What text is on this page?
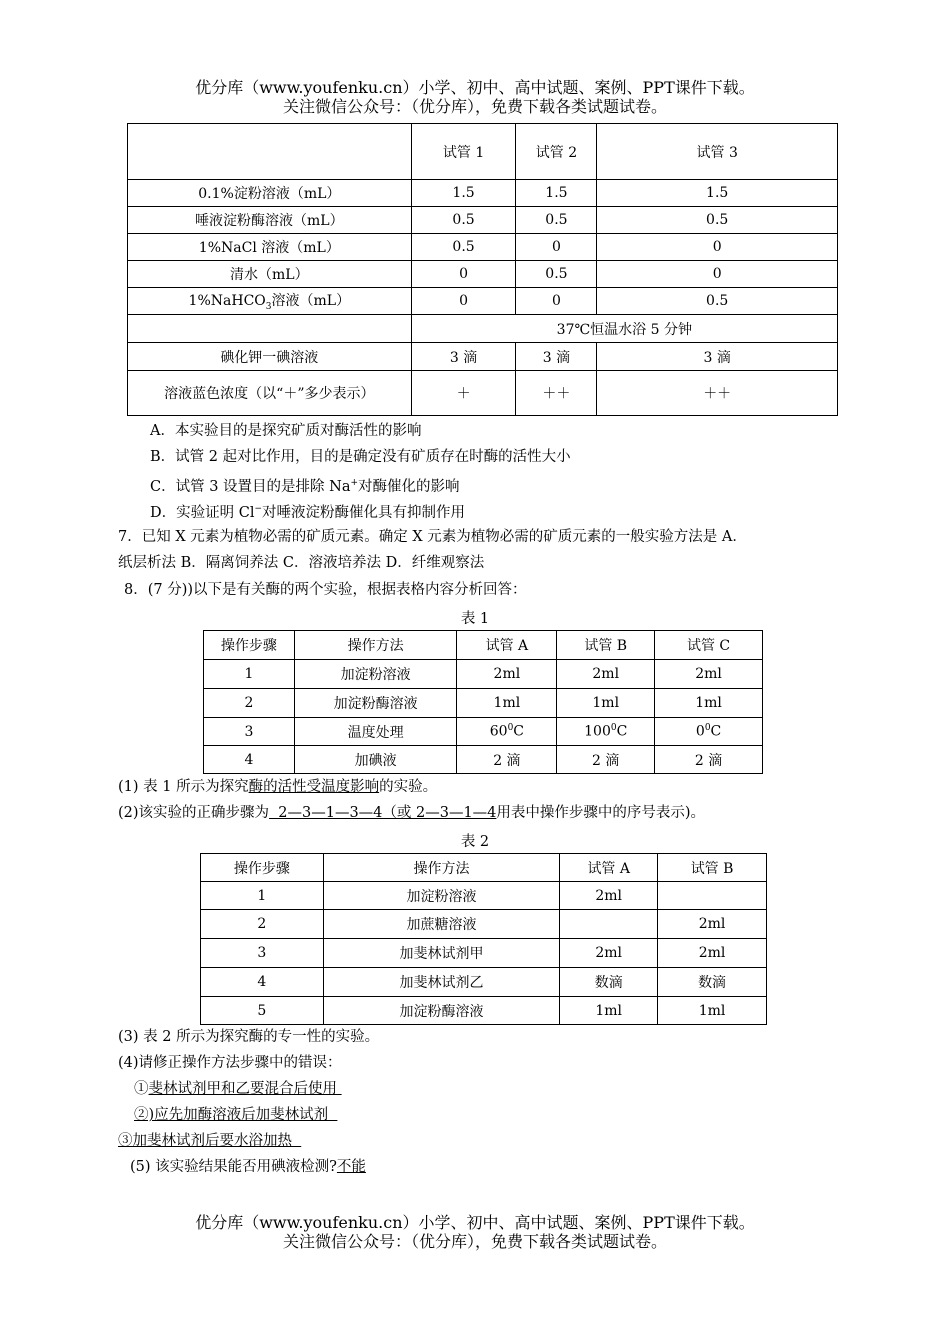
优分库（www.youfenku.cn）小学、初中、高中试题、案例、PPT课件下载。
关注微信公众号：（优分库），免费下载各类试题试卷。
	试管 1	试管 2	试管 3
0.1%淀粉溶液（mL）	1.5	1.5	1.5
唾液淀粉酶溶液（mL）	0.5	0.5	0.5
1%NaCl 溶液（mL）	0.5	0	0
清水（mL）	0	0.5	0
1%NaHCO$_3$溶液（mL）	0	0	0.5
	37℃恒温水浴 5 分钟		
碘化钾一碘溶液	3 滴	3 滴	3 滴
溶液蓝色浓度（以“＋”多少表示）	＋	＋＋	＋＋
A．本实验目的是探究矿质对酶活性的影响
B．试管 2 起对比作用，目的是确定没有矿质存在时酶的活性大小
C．试管 3 设置目的是排除 Na+对酶催化的影响
D．实验证明 Cl−对唾液淀粉酶催化具有抑制作用
7．已知 X 元素为植物必需的矿质元素。确定 X 元素为植物必需的矿质元素的一般实验方法是 A．
纸层析法 B．隔离饲养法 C．溶液培养法 D．纤维观察法
8．(7 分))以下是有关酶的两个实验，根据表格内容分析回答：
表 1
操作步骤	操作方法	试管 A	试管 B	试管 C
1	加淀粉溶液	2ml	2ml	2ml
2	加淀粉酶溶液	1ml	1ml	1ml
3	温度处理	$60^0C$	$100^0C$	$0^0C$
4	加碘液	2 滴	2 滴	2 滴
(1) 表 1 所示为探究酶的活性受温度影响的实验。
(2)该实验的正确步骤为  2—3—1—3—4（或 2—3—1—4用表中操作步骤中的序号表示)。
表 2
操作步骤	操作方法	试管 A	试管 B
1	加淀粉溶液	2ml	
2	加蔗糖溶液		2ml
3	加斐林试剂甲	2ml	2ml
4	加斐林试剂乙	数滴	数滴
5	加淀粉酶溶液	1ml	1ml
(3) 表 2 所示为探究酶的专一性的实验。
(4)请修正操作方法步骤中的错误：
①斐林试剂甲和乙要混合后使用
②)应先加酶溶液后加斐林试剂
③加斐林试剂后要水浴加热
(5) 该实验结果能否用碘液检测?不能
优分库（www.youfenku.cn）小学、初中、高中试题、案例、PPT课件下载。
关注微信公众号：（优分库），免费下载各类试题试卷。
